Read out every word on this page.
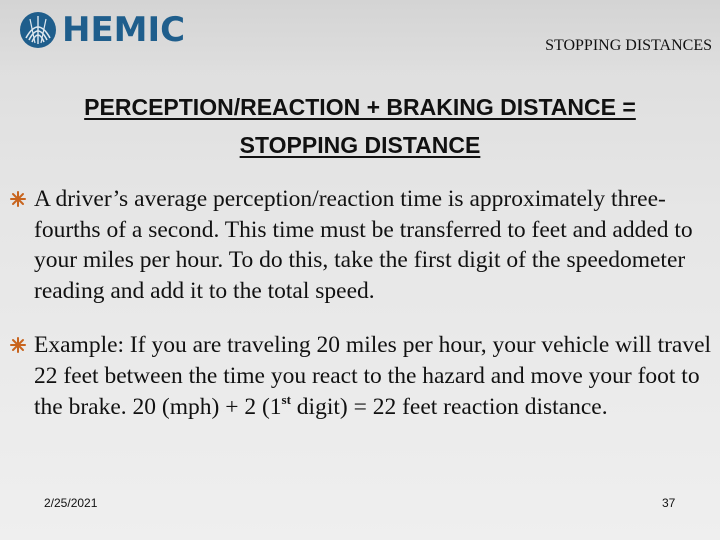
HEMIC	STOPPING DISTANCES
PERCEPTION/REACTION + BRAKING DISTANCE =
STOPPING DISTANCE
A driver’s average perception/reaction time is approximately three-fourths of a second. This time must be transferred to feet and added to your miles per hour. To do this, take the first digit of the speedometer reading and add it to the total speed.
Example: If you are traveling 20 miles per hour, your vehicle will travel 22 feet between the time you react to the hazard and move your foot to the brake. 20 (mph) + 2 (1st digit) = 22 feet reaction distance.
2/25/2021	37
